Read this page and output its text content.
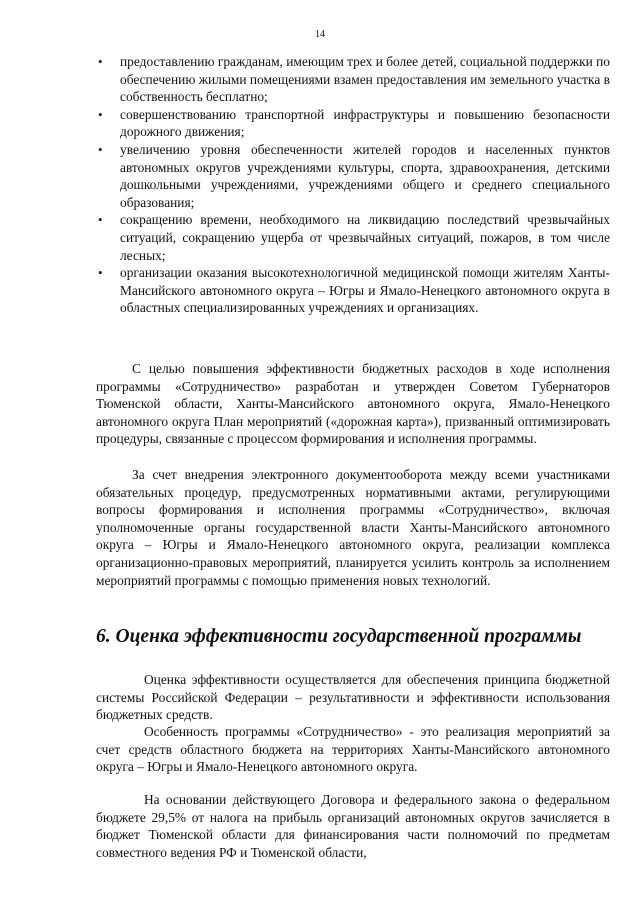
14
• предоставлению гражданам, имеющим трех и более детей, социальной поддержки по обеспечению жилыми помещениями взамен предоставления им земельного участка в собственность бесплатно;
• совершенствованию транспортной инфраструктуры и повышению безопасности дорожного движения;
• увеличению уровня обеспеченности жителей городов и населенных пунктов автономных округов учреждениями культуры, спорта, здравоохранения, детскими дошкольными учреждениями, учреждениями общего и среднего специального образования;
• сокращению времени, необходимого на ликвидацию последствий чрезвычайных ситуаций, сокращению ущерба от чрезвычайных ситуаций, пожаров, в том числе лесных;
• организации оказания высокотехнологичной медицинской помощи жителям Ханты-Мансийского автономного округа – Югры и Ямало-Ненецкого автономного округа в областных специализированных учреждениях и организациях.

С целью повышения эффективности бюджетных расходов в ходе исполнения программы «Сотрудничество» разработан и утвержден Советом Губернаторов Тюменской области, Ханты-Мансийского автономного округа, Ямало-Ненецкого автономного округа План мероприятий («дорожная карта»), призванный оптимизировать процедуры, связанные с процессом формирования и исполнения программы.

За счет внедрения электронного документооборота между всеми участниками обязательных процедур, предусмотренных нормативными актами, регулирующими вопросы формирования и исполнения программы «Сотрудничество», включая уполномоченные органы государственной власти Ханты-Мансийского автономного округа – Югры и Ямало-Ненецкого автономного округа, реализации комплекса организационно-правовых мероприятий, планируется усилить контроль за исполнением мероприятий программы с помощью применения новых технологий.

6. Оценка эффективности государственной программы

Оценка эффективности осуществляется для обеспечения принципа бюджетной системы Российской Федерации – результативности и эффективности использования бюджетных средств.

Особенность программы «Сотрудничество» - это реализация мероприятий за счет средств областного бюджета на территориях Ханты-Мансийского автономного округа – Югры и Ямало-Ненецкого автономного округа.

На основании действующего Договора и федерального закона о федеральном бюджете 29,5% от налога на прибыль организаций автономных округов зачисляется в бюджет Тюменской области для финансирования части полномочий по предметам совместного ведения РФ и Тюменской области,
